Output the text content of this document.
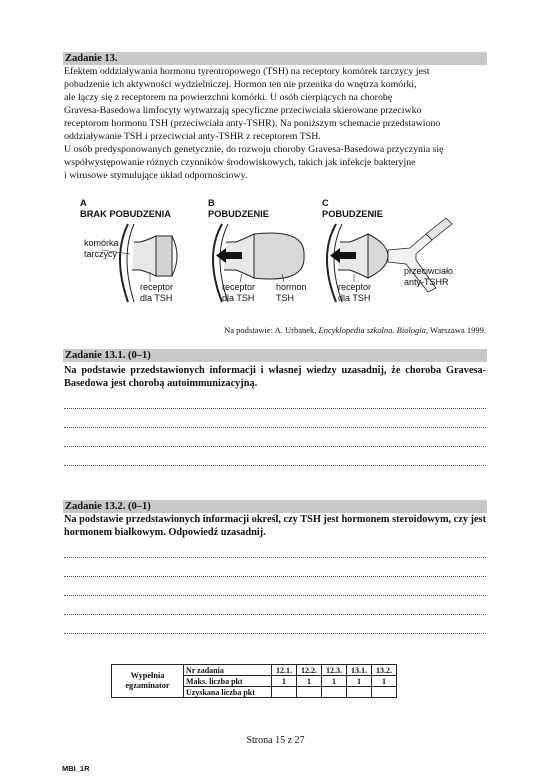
Zadanie 13.
Efektem oddziaływania hormonu tyreotropowego (TSH) na receptory komórek tarczycy jest
pobudzenie ich aktywności wydzielniczej. Hormon ten nie przenika do wnętrza komórki,
ale łączy się z receptorem na powierzchni komórki. U osób cierpiących na chorobę
Gravesa-Basedowa limfocyty wytwarzają specyficzne przeciwciała skierowane przeciwko
receptorom hormonu TSH (przeciwciała anty-TSHR). Na poniższym schemacie przedstawiono
oddziaływanie TSH i przeciwciał anty-TSHR z receptorem TSH.
U osób predysponowanych genetycznie, do rozwoju choroby Gravesa-Basedowa przyczynia się
współwystępowanie różnych czynników środowiskowych, takich jak infekcje bakteryjne
i wirusowe stymulujące układ odpornościowy.
A
BRAK POBUDZENIA
komórka
tarczycy
receptor
dla TSH
B
POBUDZENIE
receptor
dla TSH
hormon
TSH
C
POBUDZENIE
receptor
dla TSH
przeciwciało
anty-TSHR
Na podstawie: A. Urbanek, Encyklopedia szkolna. Biologia, Warszawa 1999.
Zadanie 13.1. (0–1)
Na podstawie przedstawionych informacji i własnej wiedzy uzasadnij, że choroba Gravesa-Basedowa jest chorobą autoimmunizacyjną.
Zadanie 13.2. (0–1)
Na podstawie przedstawionych informacji określ, czy TSH jest hormonem steroidowym, czy jest hormonem białkowym. Odpowiedź uzasadnij.
Wypełnia egzaminator	Nr zadania	12.1.	12.2.	12.3.	13.1.	13.2.
	Maks. liczba pkt	1	1	1	1	1
	Uzyskana liczba pkt					
Strona 15 z 27
MBI_1R
